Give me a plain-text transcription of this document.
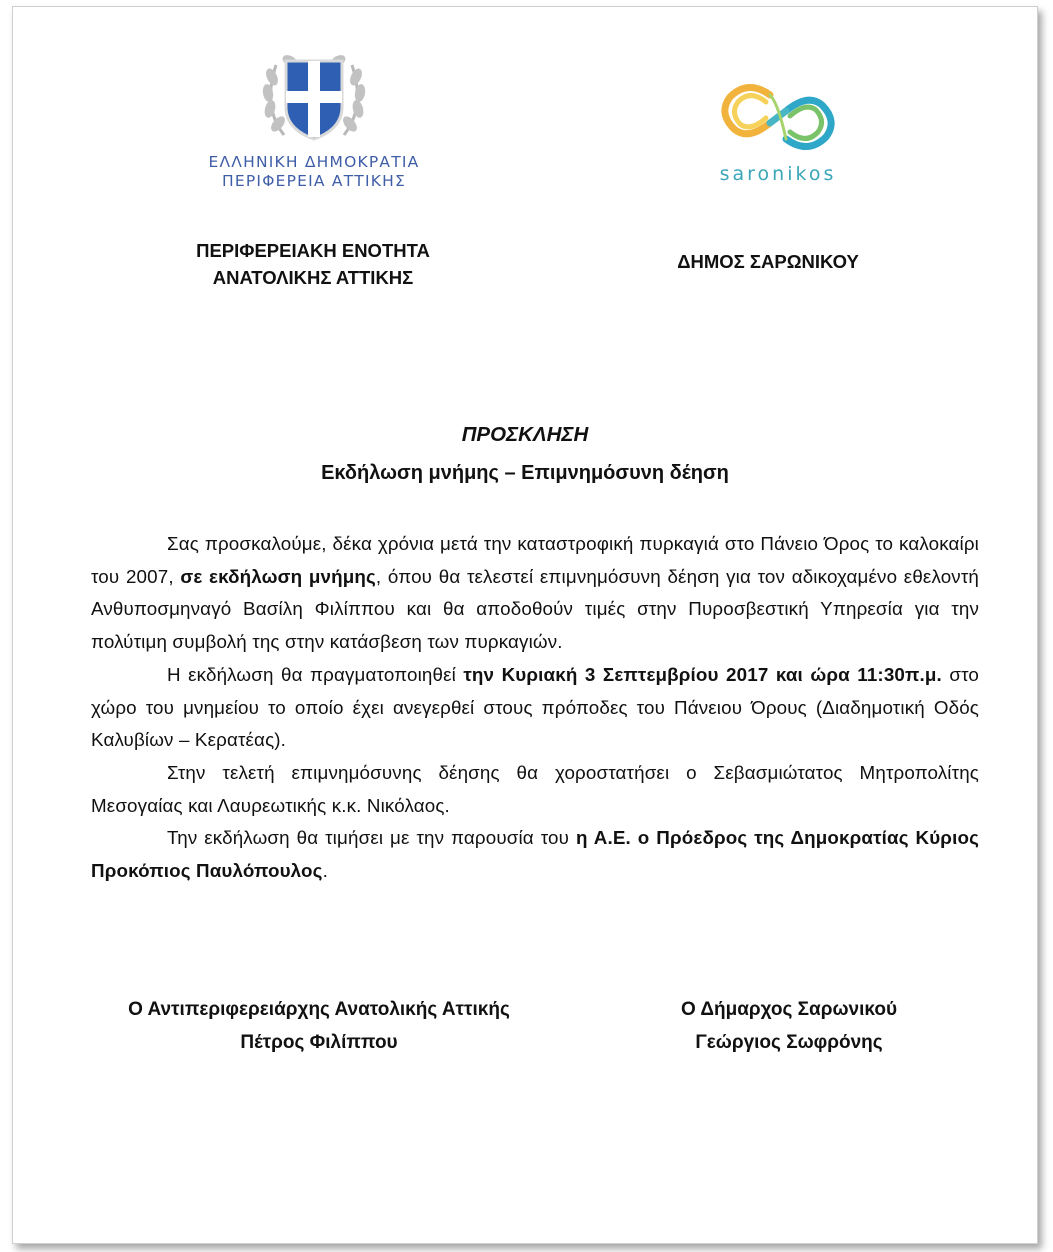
ΕΛΛΗΝΙΚΗ ΔΗΜΟΚΡΑΤΙΑ
ΠΕΡΙΦΕΡΕΙΑ ΑΤΤΙΚΗΣ	saronikos
ΠΕΡΙΦΕΡΕΙΑΚΗ ΕΝΟΤΗΤΑ
ΑΝΑΤΟΛΙΚΗΣ ΑΤΤΙΚΗΣ
ΔΗΜΟΣ ΣΑΡΩΝΙΚΟΥ
ΠΡΟΣΚΛΗΣΗ
Εκδήλωση μνήμης – Επιμνημόσυνη δέηση

Σας προσκαλούμε, δέκα χρόνια μετά την καταστροφική πυρκαγιά στο Πάνειο Όρος το καλοκαίρι του 2007, σε εκδήλωση μνήμης, όπου θα τελεστεί επιμνημόσυνη δέηση για τον αδικοχαμένο εθελοντή Ανθυποσμηναγό Βασίλη Φιλίππου και θα αποδοθούν τιμές στην Πυροσβεστική Υπηρεσία για την πολύτιμη συμβολή της στην κατάσβεση των πυρκαγιών.

Η εκδήλωση θα πραγματοποιηθεί την Κυριακή 3 Σεπτεμβρίου 2017 και ώρα 11:30π.μ. στο χώρο του μνημείου το οποίο έχει ανεγερθεί στους πρόποδες του Πάνειου Όρους (Διαδημοτική Οδός Καλυβίων – Κερατέας).

Στην τελετή επιμνημόσυνης δέησης θα χοροστατήσει ο Σεβασμιώτατος Μητροπολίτης Μεσογαίας και Λαυρεωτικής κ.κ. Νικόλαος.

Την εκδήλωση θα τιμήσει με την παρουσία του η Α.Ε. ο Πρόεδρος της Δημοκρατίας Κύριος Προκόπιος Παυλόπουλος.

Ο Αντιπεριφερειάρχης Ανατολικής Αττικής
Πέτρος Φιλίππου
Ο Δήμαρχος Σαρωνικού
Γεώργιος Σωφρόνης
